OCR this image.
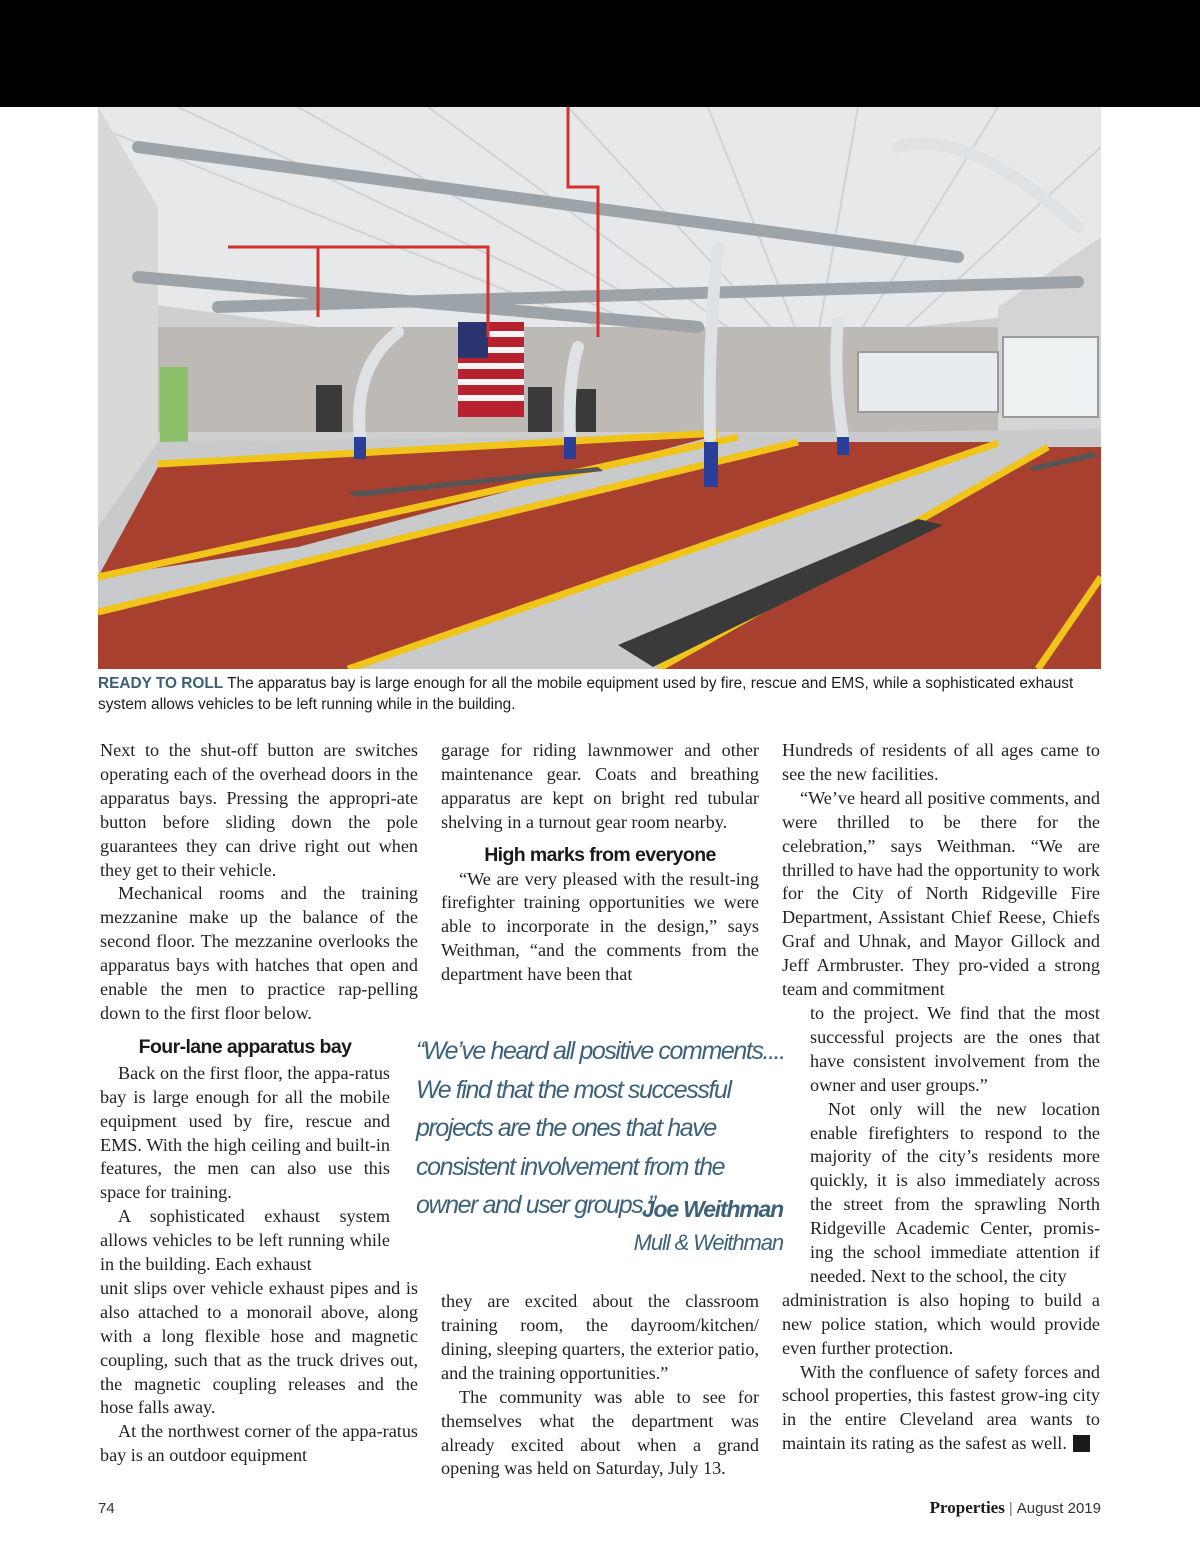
READY TO ROLL The apparatus bay is large enough for all the mobile equipment used by fire, rescue and EMS, while a sophisticated exhaust system allows vehicles to be left running while in the building.

Next to the shut-off button are switches operating each of the overhead doors in the apparatus bays. Pressing the appropri-ate button before sliding down the pole guarantees they can drive right out when they get to their vehicle.

Mechanical rooms and the training mezzanine make up the balance of the second floor. The mezzanine overlooks the apparatus bays with hatches that open and enable the men to practice rap-pelling down to the first floor below.

Four-lane apparatus bay

Back on the first floor, the appa-ratus bay is large enough for all the mobile equipment used by fire, rescue and EMS. With the high ceiling and built-in features, the men can also use this space for training.

A sophisticated exhaust system allows vehicles to be left running while in the building. Each exhaust

unit slips over vehicle exhaust pipes and is also attached to a monorail above, along with a long flexible hose and magnetic coupling, such that as the truck drives out, the magnetic coupling releases and the hose falls away.

At the northwest corner of the appa-ratus bay is an outdoor equipment

garage for riding lawnmower and other maintenance gear. Coats and breathing apparatus are kept on bright red tubular shelving in a turnout gear room nearby.

High marks from everyone

“We are very pleased with the result-ing firefighter training opportunities we were able to incorporate in the design,” says Weithman, “and the comments from the department have been that

they are excited about the classroom training room, the dayroom/kitchen/ dining, sleeping quarters, the exterior patio, and the training opportunities.”

The community was able to see for themselves what the department was already excited about when a grand opening was held on Saturday, July 13.

“We’ve heard all positive comments.... We find that the most successful projects are the ones that have consistent involvement from the owner and user groups.”
Joe Weithman
Mull & Weithman

Hundreds of residents of all ages came to see the new facilities.

“We’ve heard all positive comments, and were thrilled to be there for the celebration,” says Weithman. “We are thrilled to have had the opportunity to work for the City of North Ridgeville Fire Department, Assistant Chief Reese, Chiefs Graf and Uhnak, and Mayor Gillock and Jeff Armbruster. They pro-vided a strong team and commitment

to the project. We find that the most successful projects are the ones that have consistent involvement from the owner and user groups.”

Not only will the new location enable firefighters to respond to the majority of the city’s residents more quickly, it is also immediately across the street from the sprawling North Ridgeville Academic Center, promis-ing the school immediate attention if needed. Next to the school, the city

administration is also hoping to build a new police station, which would provide even further protection.

With the confluence of safety forces and school properties, this fastest grow-ing city in the entire Cleveland area wants to maintain its rating as the safest as well. P

74	Properties | August 2019
